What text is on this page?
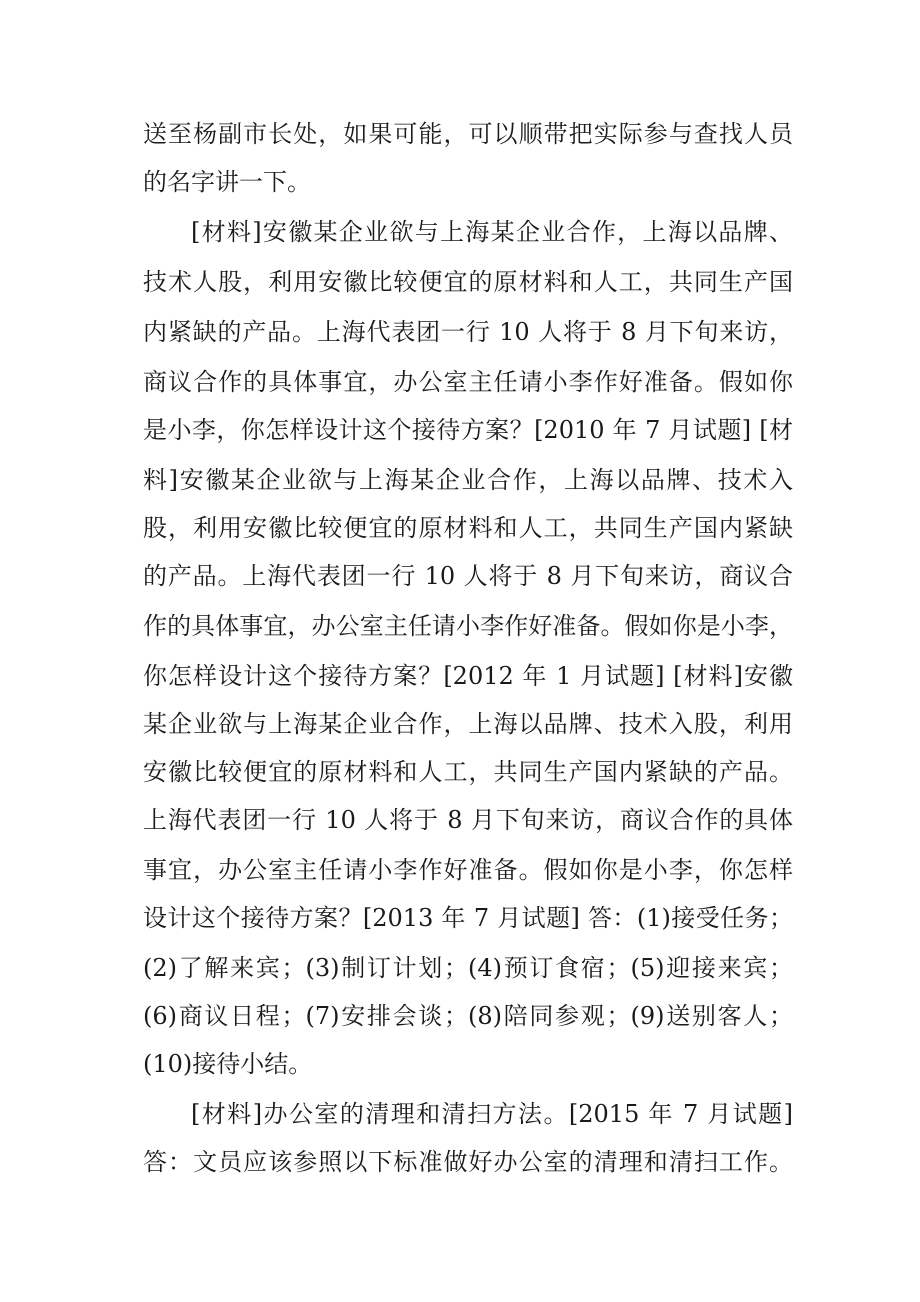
送至杨副市长处，如果可能，可以顺带把实际参与查找人员
的名字讲一下。
[材料]安徽某企业欲与上海某企业合作，上海以品牌、
技术人股，利用安徽比较便宜的原材料和人工，共同生产国
内紧缺的产品。上海代表团一行 10 人将于 8 月下旬来访，
商议合作的具体事宜，办公室主任请小李作好准备。假如你
是小李，你怎样设计这个接待方案？[2010 年 7 月试题] [材
料]安徽某企业欲与上海某企业合作，上海以品牌、技术入
股，利用安徽比较便宜的原材料和人工，共同生产国内紧缺
的产品。上海代表团一行 10 人将于 8 月下旬来访，商议合
作的具体事宜，办公室主任请小李作好准备。假如你是小李，
你怎样设计这个接待方案？[2012 年 1 月试题] [材料]安徽
某企业欲与上海某企业合作，上海以品牌、技术入股，利用
安徽比较便宜的原材料和人工，共同生产国内紧缺的产品。
上海代表团一行 10 人将于 8 月下旬来访，商议合作的具体
事宜，办公室主任请小李作好准备。假如你是小李，你怎样
设计这个接待方案？[2013 年 7 月试题] 答：(1)接受任务；
(2)了解来宾；(3)制订计划；(4)预订食宿；(5)迎接来宾；
(6)商议日程；(7)安排会谈；(8)陪同参观；(9)送别客人；
(10)接待小结。
[材料]办公室的清理和清扫方法。[2015 年 7 月试题]
答：文员应该参照以下标准做好办公室的清理和清扫工作。
